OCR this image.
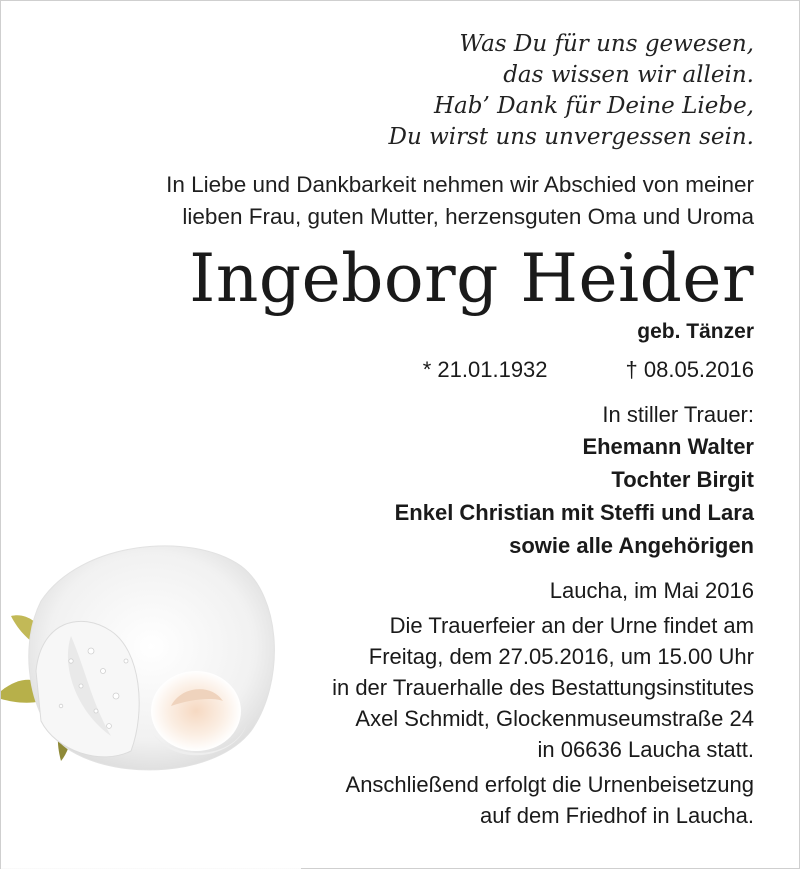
Was Du für uns gewesen,
das wissen wir allein.
Hab’ Dank für Deine Liebe,
Du wirst uns unvergessen sein.
In Liebe und Dankbarkeit nehmen wir Abschied von meiner
lieben Frau, guten Mutter, herzensguten Oma und Uroma
Ingeborg Heider
geb. Tänzer
* 21.01.1932	† 08.05.2016
In stiller Trauer:
Ehemann Walter
Tochter Birgit
Enkel Christian mit Steffi und Lara
sowie alle Angehörigen
Laucha, im Mai 2016
Die Trauerfeier an der Urne findet am
Freitag, dem 27.05.2016, um 15.00 Uhr
in der Trauerhalle des Bestattungsinstitutes
Axel Schmidt, Glockenmuseumstraße 24
in 06636 Laucha statt.
Anschließend erfolgt die Urnenbeisetzung
auf dem Friedhof in Laucha.
